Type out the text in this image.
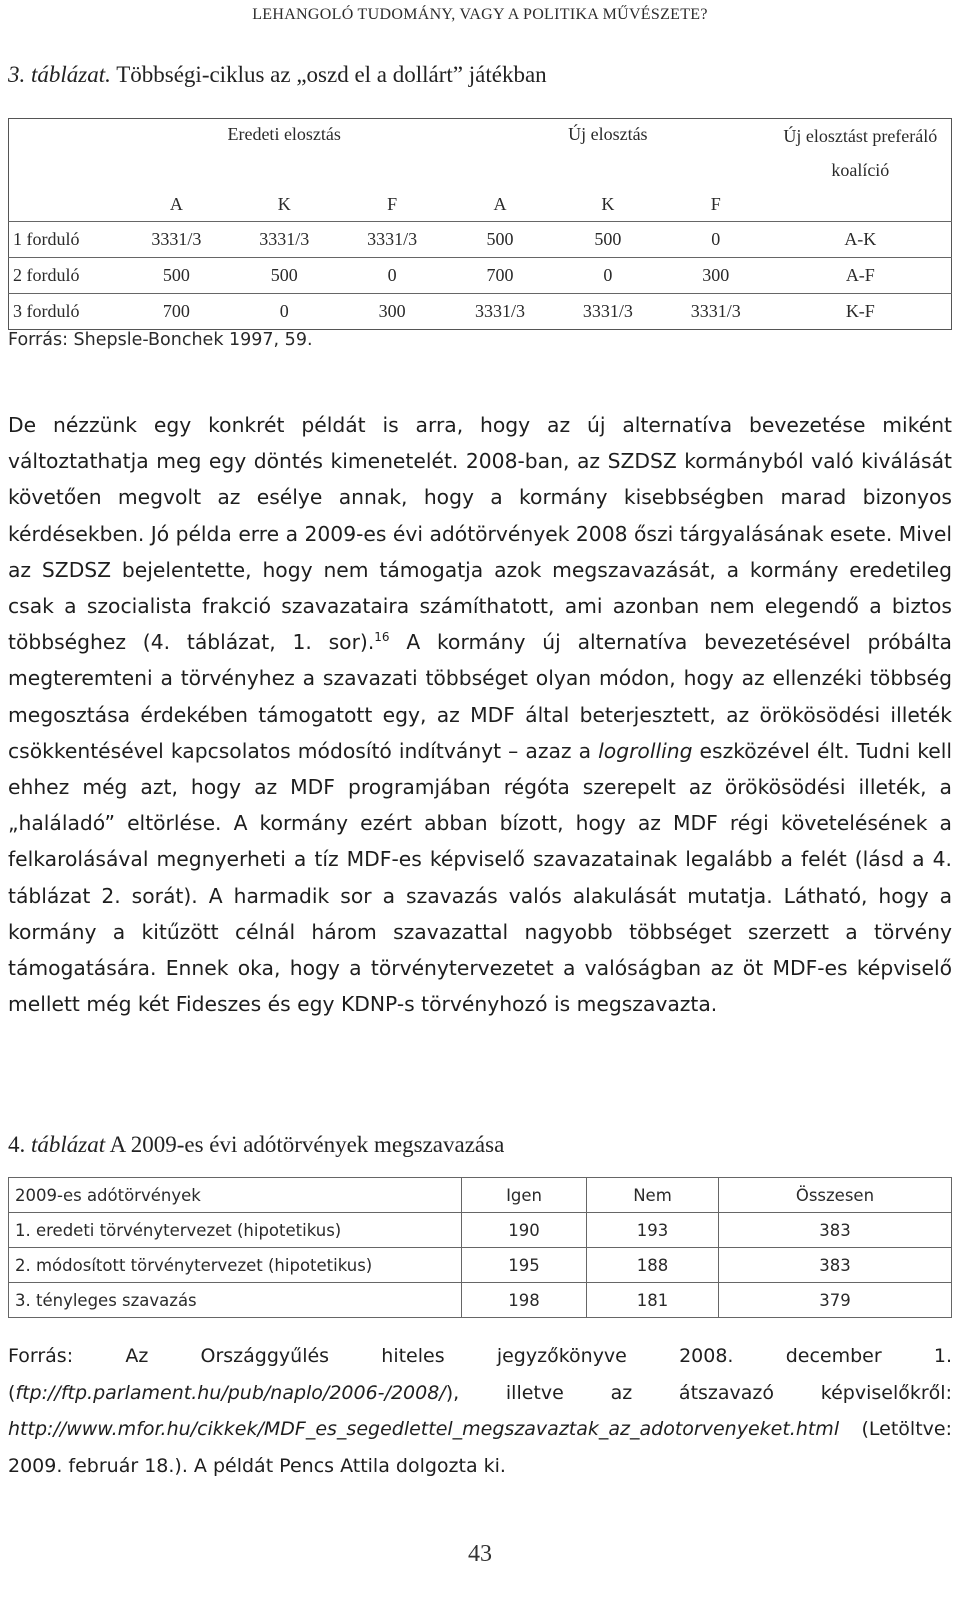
LEHANGOLÓ TUDOMÁNY, VAGY A POLITIKA MŰVÉSZETE?
3. táblázat. Többségi-ciklus az „oszd el a dollárt” játékban
	Eredeti elosztás			Új elosztás			Új elosztást preferáló koalíció
	A	K	F	A	K	F	
1 forduló	3331/3	3331/3	3331/3	500	500	0	A-K
2 forduló	500	500	0	700	0	300	A-F
3 forduló	700	0	300	3331/3	3331/3	3331/3	K-F
Forrás: Shepsle-Bonchek 1997, 59.
De nézzünk egy konkrét példát is arra, hogy az új alternatíva bevezetése miként változtathatja meg egy döntés kimenetelét. 2008-ban, az SZDSZ kormányból való kiválását követően megvolt az esélye annak, hogy a kormány kisebbségben marad bizonyos kérdésekben. Jó példa erre a 2009-es évi adótörvények 2008 őszi tárgyalásának esete. Mivel az SZDSZ bejelentette, hogy nem támogatja azok megszavazását, a kormány eredetileg csak a szocialista frakció szavazataira számíthatott, ami azonban nem elegendő a biztos többséghez (4. táblázat, 1. sor).$^{16}$ A kormány új alternatíva bevezetésével próbálta megteremteni a törvényhez a szavazati többséget olyan módon, hogy az ellenzéki többség megosztása érdekében támogatott egy, az MDF által beterjesztett, az örökösödési illeték csökkentésével kapcsolatos módosító indítványt – azaz a logrolling eszközével élt. Tudni kell ehhez még azt, hogy az MDF programjában régóta szerepelt az örökösödési illeték, a „haláladó” eltörlése. A kormány ezért abban bízott, hogy az MDF régi követelésének a felkarolásával megnyerheti a tíz MDF-es képviselő szavazatainak legalább a felét (lásd a 4. táblázat 2. sorát). A harmadik sor a szavazás valós alakulását mutatja. Látható, hogy a kormány a kitűzött célnál három szavazattal nagyobb többséget szerzett a törvény támogatására. Ennek oka, hogy a törvénytervezetet a valóságban az öt MDF-es képviselő mellett még két Fideszes és egy KDNP-s törvényhozó is megszavazta.
4. táblázat A 2009-es évi adótörvények megszavazása
2009-es adótörvények	Igen	Nem	Összesen
1. eredeti törvénytervezet (hipotetikus)	190	193	383
2. módosított törvénytervezet (hipotetikus)	195	188	383
3. tényleges szavazás	198	181	379
Forrás: Az Országgyűlés hiteles jegyzőkönyve 2008. december 1. (ftp://ftp.parlament.hu/pub/naplo/2006-/2008/), illetve az átszavazó képviselőkről: http://www.mfor.hu/cikkek/MDF_es_segedlettel_megszavaztak_az_adotorvenyeket.html (Letöltve: 2009. február 18.). A példát Pencs Attila dolgozta ki.
43
